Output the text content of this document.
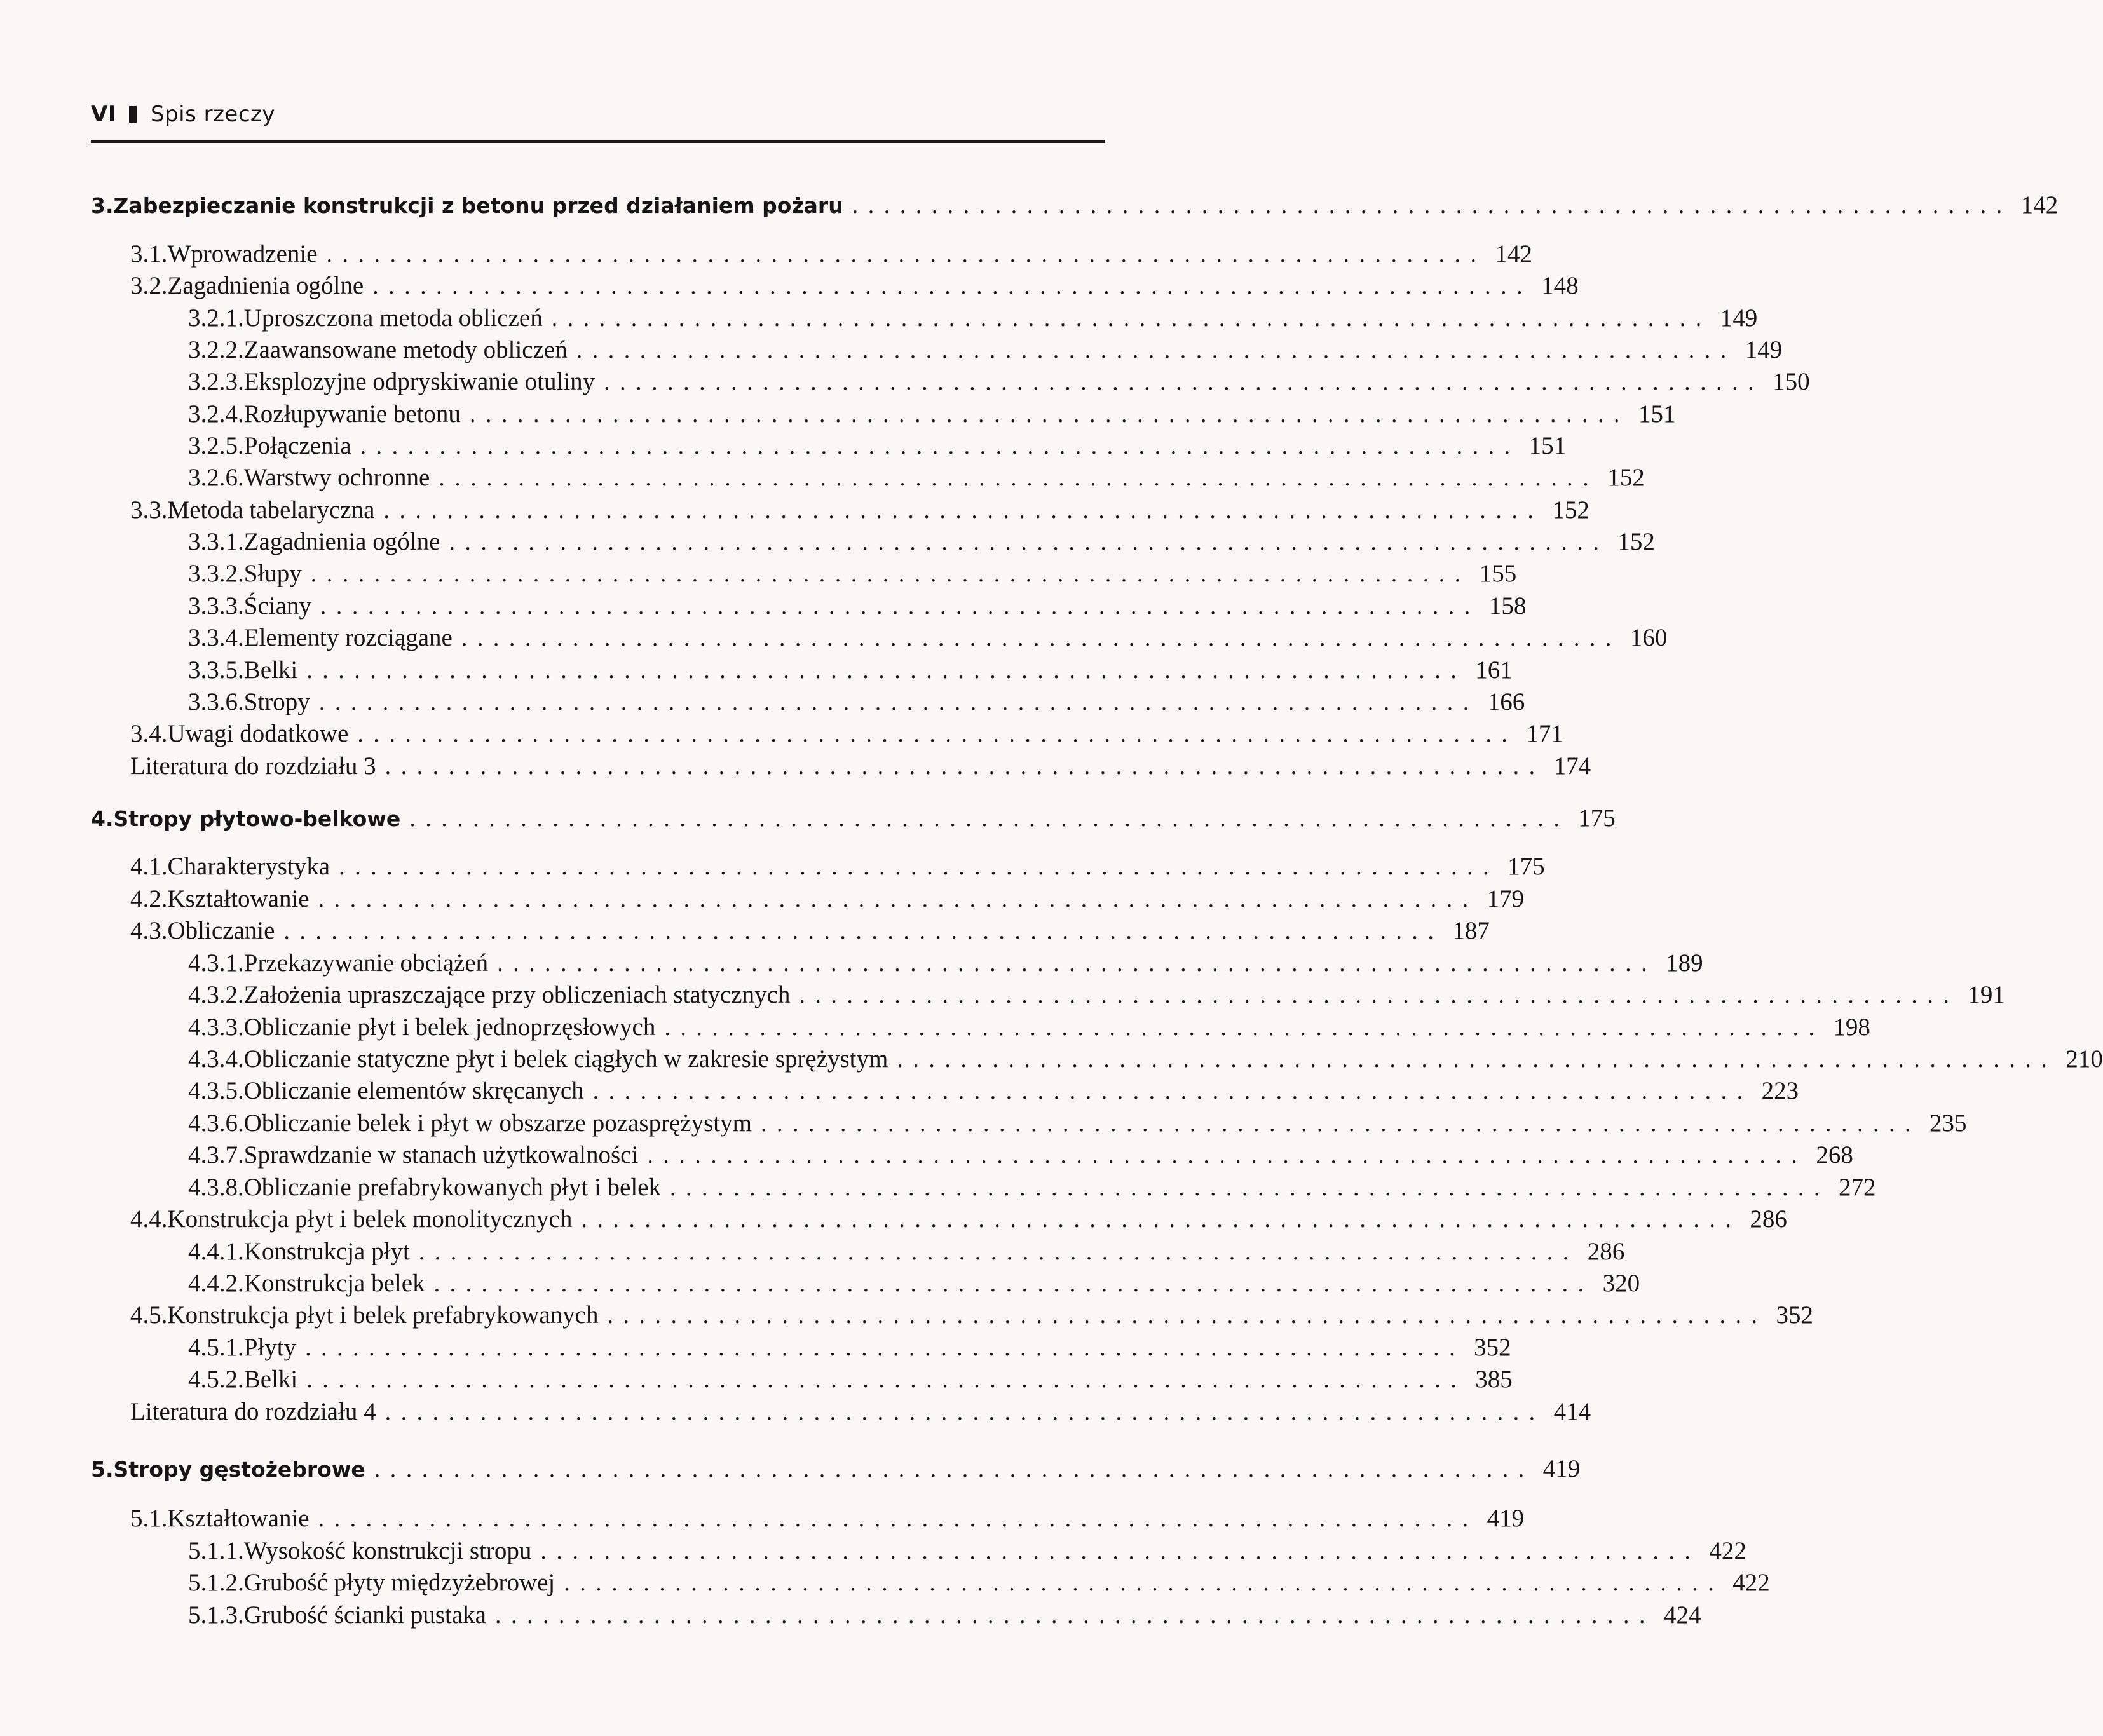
VI Spis rzeczy
3. Zabezpieczanie konstrukcji z betonu przed działaniem pożaru ......................................................................... 142
3.1. Wprowadzenie ......................................................................... 142
3.2. Zagadnienia ogólne ......................................................................... 148
3.2.1. Uproszczona metoda obliczeń ......................................................................... 149
3.2.2. Zaawansowane metody obliczeń ......................................................................... 149
3.2.3. Eksplozyjne odpryskiwanie otuliny ......................................................................... 150
3.2.4. Rozłupywanie betonu ......................................................................... 151
3.2.5. Połączenia ......................................................................... 151
3.2.6. Warstwy ochronne ......................................................................... 152
3.3. Metoda tabelaryczna ......................................................................... 152
3.3.1. Zagadnienia ogólne ......................................................................... 152
3.3.2. Słupy ......................................................................... 155
3.3.3. Ściany ......................................................................... 158
3.3.4. Elementy rozciągane ......................................................................... 160
3.3.5. Belki ......................................................................... 161
3.3.6. Stropy ......................................................................... 166
3.4. Uwagi dodatkowe ......................................................................... 171
Literatura do rozdziału 3 ......................................................................... 174
4. Stropy płytowo-belkowe ......................................................................... 175
4.1. Charakterystyka ......................................................................... 175
4.2. Kształtowanie ......................................................................... 179
4.3. Obliczanie ......................................................................... 187
4.3.1. Przekazywanie obciążeń ......................................................................... 189
4.3.2. Założenia upraszczające przy obliczeniach statycznych ......................................................................... 191
4.3.3. Obliczanie płyt i belek jednoprzęsłowych ......................................................................... 198
4.3.4. Obliczanie statyczne płyt i belek ciągłych w zakresie sprężystym ......................................................................... 210
4.3.5. Obliczanie elementów skręcanych ......................................................................... 223
4.3.6. Obliczanie belek i płyt w obszarze pozasprężystym ......................................................................... 235
4.3.7. Sprawdzanie w stanach użytkowalności ......................................................................... 268
4.3.8. Obliczanie prefabrykowanych płyt i belek ......................................................................... 272
4.4. Konstrukcja płyt i belek monolitycznych ......................................................................... 286
4.4.1. Konstrukcja płyt ......................................................................... 286
4.4.2. Konstrukcja belek ......................................................................... 320
4.5. Konstrukcja płyt i belek prefabrykowanych ......................................................................... 352
4.5.1. Płyty ......................................................................... 352
4.5.2. Belki ......................................................................... 385
Literatura do rozdziału 4 ......................................................................... 414
5. Stropy gęstożebrowe ......................................................................... 419
5.1. Kształtowanie ......................................................................... 419
5.1.1. Wysokość konstrukcji stropu ......................................................................... 422
5.1.2. Grubość płyty międzyżebrowej ......................................................................... 422
5.1.3. Grubość ścianki pustaka ......................................................................... 424
